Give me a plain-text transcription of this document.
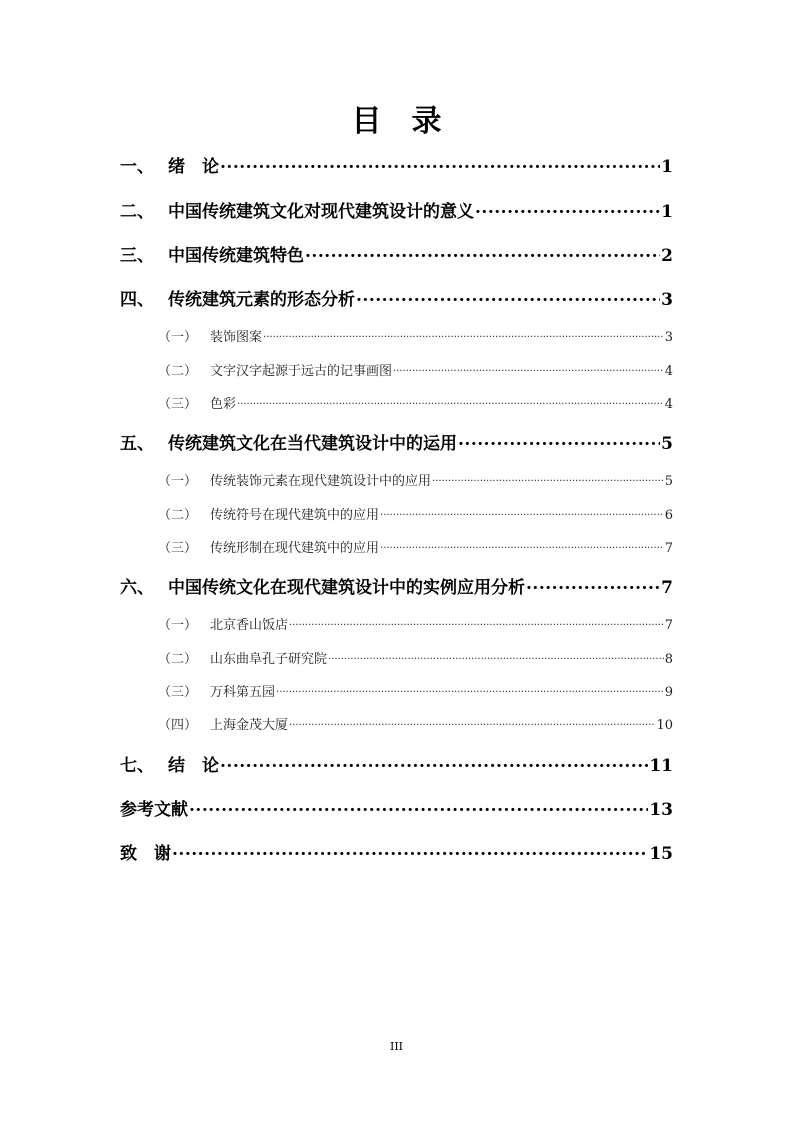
目 录
一、 绪　论 .....	1
二、 中国传统建筑文化对现代建筑设计的意义 .....	1
三、 中国传统建筑特色 .....	2
四、 传统建筑元素的形态分析 .....	3
（一） 装饰图案 .....	3
（二） 文字汉字起源于远古的记事画图 .....	4
（三） 色彩 .....	4
五、 传统建筑文化在当代建筑设计中的运用 .....	5
（一） 传统装饰元素在现代建筑设计中的应用 .....	5
（二） 传统符号在现代建筑中的应用 .....	6
（三） 传统形制在现代建筑中的应用 .....	7
六、 中国传统文化在现代建筑设计中的实例应用分析 .....	7
（一） 北京香山饭店 .....	7
（二） 山东曲阜孔子研究院 .....	8
（三） 万科第五园 .....	9
（四） 上海金茂大厦 .....	10
七、 结　论 .....	11
参考文献 .....	13
致　谢 .....	15
III
